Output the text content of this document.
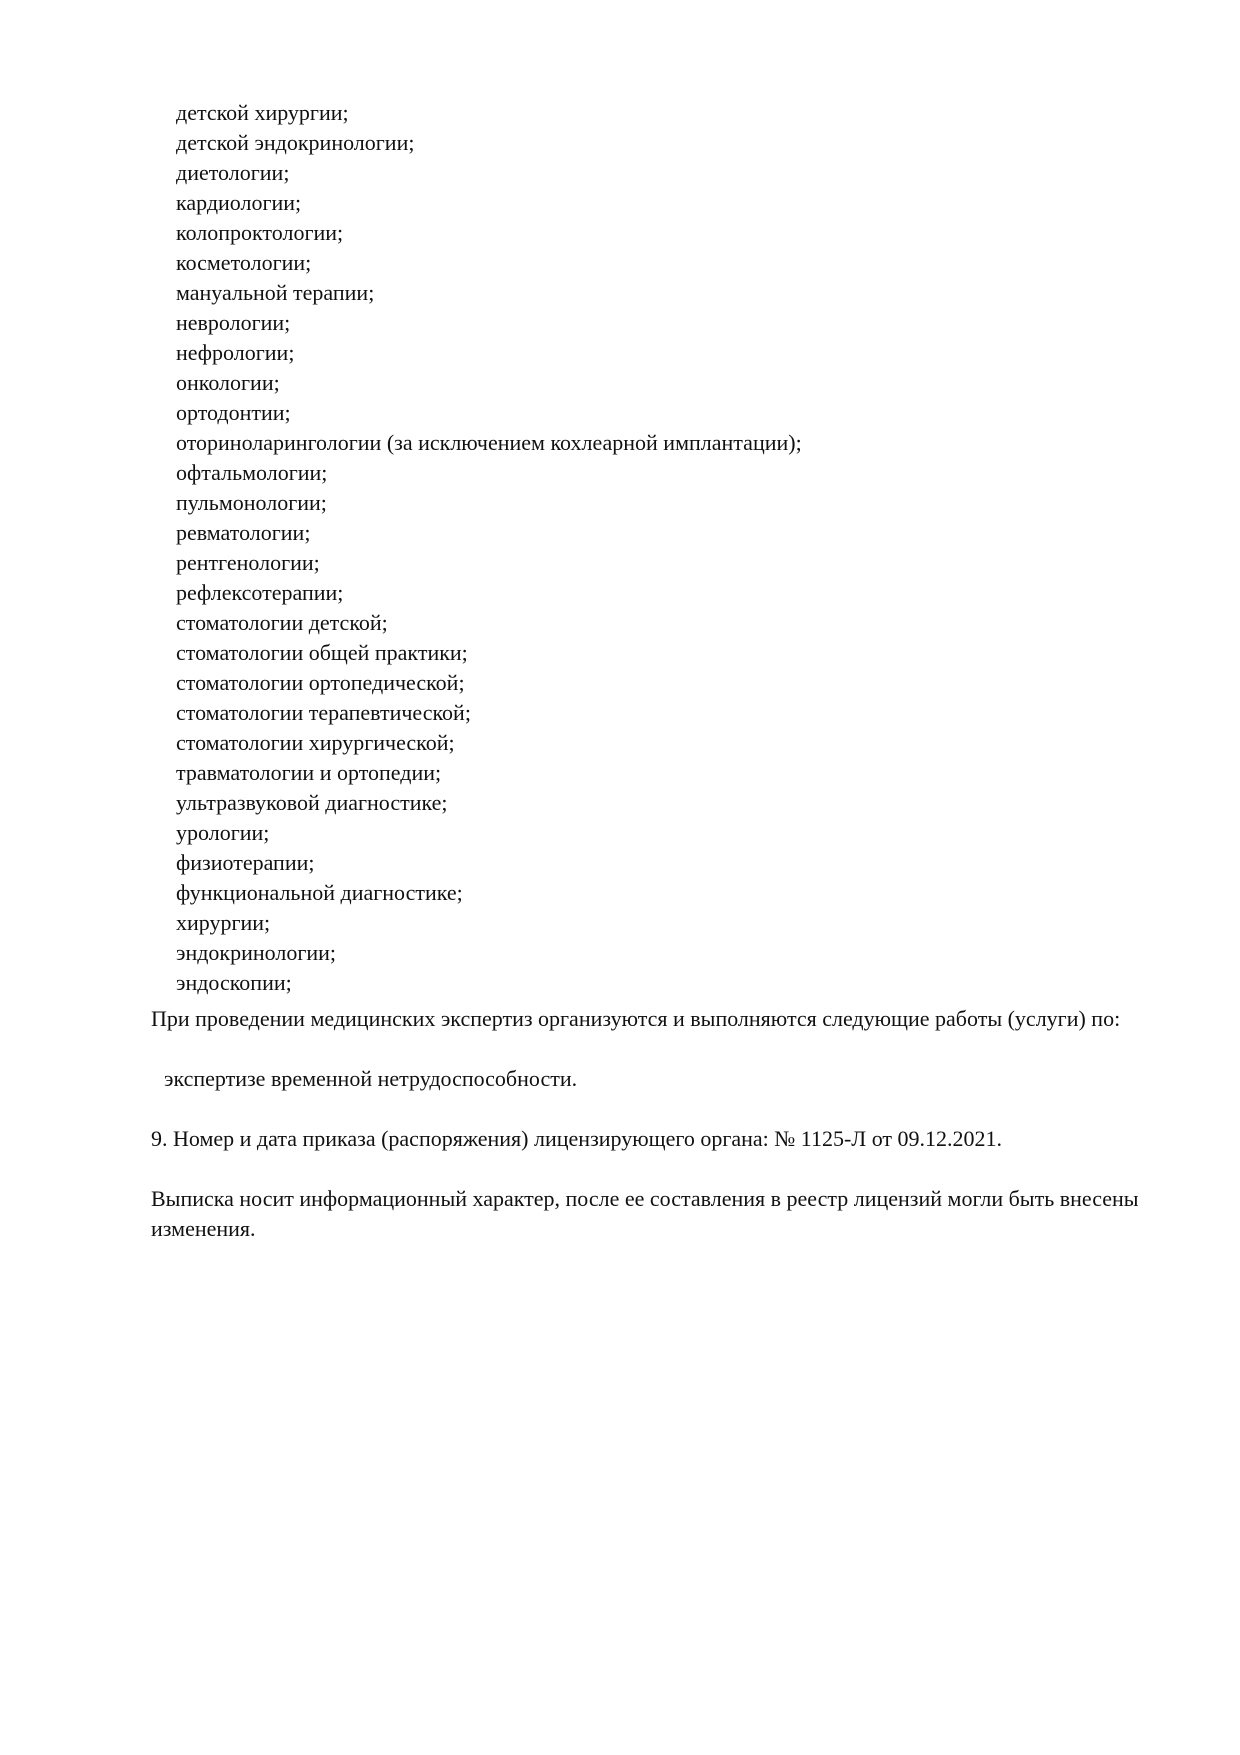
детской хирургии;
детской эндокринологии;
диетологии;
кардиологии;
колопроктологии;
косметологии;
мануальной терапии;
неврологии;
нефрологии;
онкологии;
ортодонтии;
оториноларингологии (за исключением кохлеарной имплантации);
офтальмологии;
пульмонологии;
ревматологии;
рентгенологии;
рефлексотерапии;
стоматологии детской;
стоматологии общей практики;
стоматологии ортопедической;
стоматологии терапевтической;
стоматологии хирургической;
травматологии и ортопедии;
ультразвуковой диагностике;
урологии;
физиотерапии;
функциональной диагностике;
хирургии;
эндокринологии;
эндоскопии;

При проведении медицинских экспертиз организуются и выполняются следующие работы (услуги) по:

экспертизе временной нетрудоспособности.

9. Номер и дата приказа (распоряжения) лицензирующего органа: № 1125-Л от 09.12.2021.

Выписка носит информационный характер, после ее составления в реестр лицензий могли быть внесены изменения.
